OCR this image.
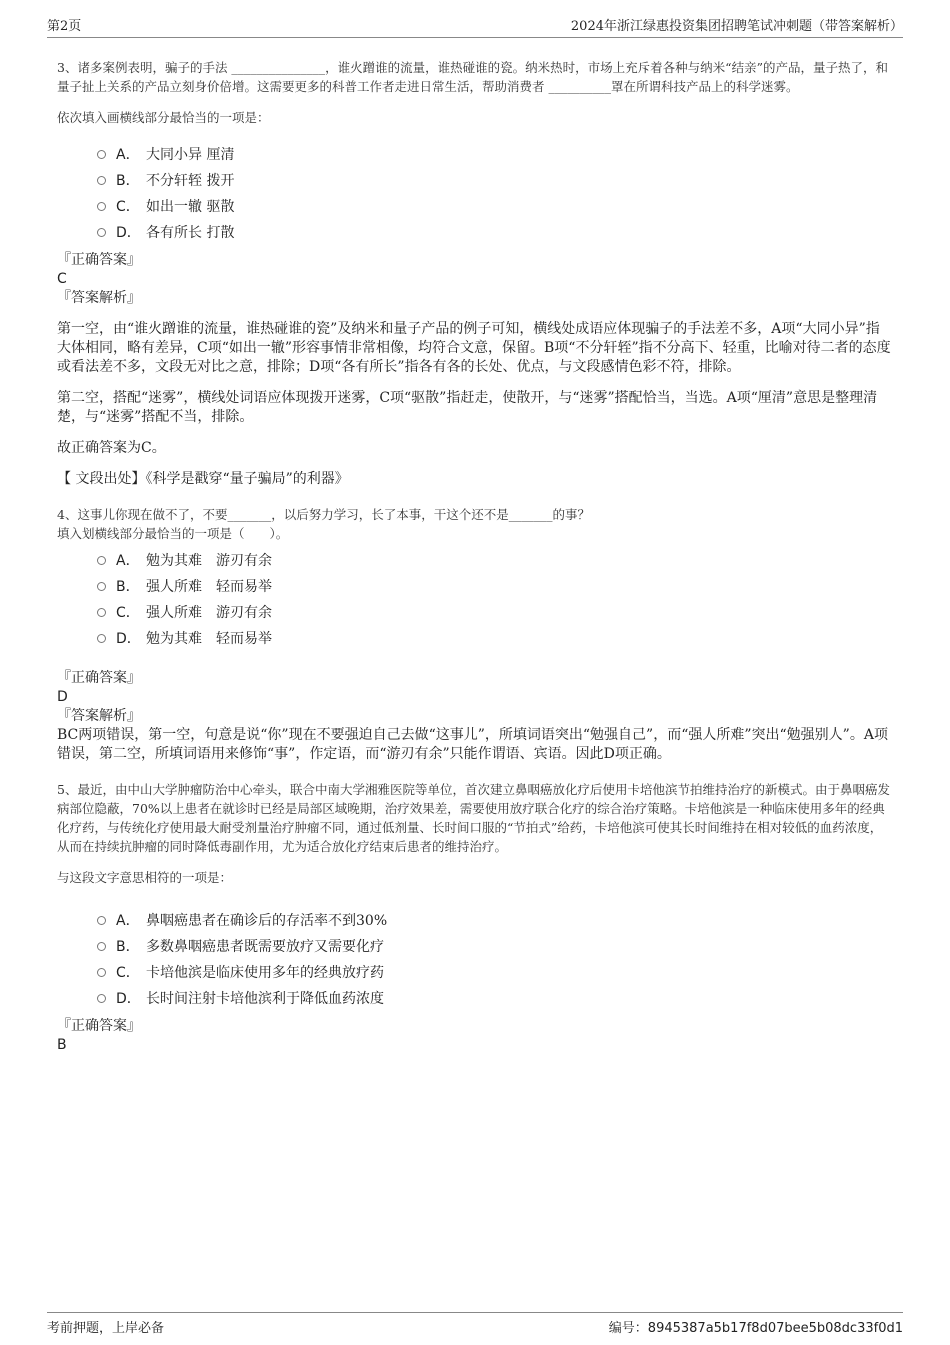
第2页	2024年浙江绿惠投资集团招聘笔试冲刺题（带答案解析）

3、诸多案例表明，骗子的手法 _______________，谁火蹭谁的流量，谁热碰谁的瓷。纳米热时，市场上充斥着各种与纳米“结亲”的产品，量子热了，和量子扯上关系的产品立刻身价倍增。这需要更多的科普工作者走进日常生活，帮助消费者 __________罩在所谓科技产品上的科学迷雾。

依次填入画横线部分最恰当的一项是：

A． 大同小异 厘清
B． 不分轩轾 拨开
C． 如出一辙 驱散
D． 各有所长 打散

『正确答案』

C

『答案解析』

第一空，由“谁火蹭谁的流量，谁热碰谁的瓷”及纳米和量子产品的例子可知，横线处成语应体现骗子的手法差不多，A项“大同小异”指大体相同，略有差异，C项“如出一辙”形容事情非常相像，均符合文意，保留。B项“不分轩轾”指不分高下、轻重，比喻对待二者的态度或看法差不多，文段无对比之意，排除；D项“各有所长”指各有各的长处、优点，与文段感情色彩不符，排除。

第二空，搭配“迷雾”，横线处词语应体现拨开迷雾，C项“驱散”指赶走，使散开，与“迷雾”搭配恰当，当选。A项“厘清”意思是整理清楚，与“迷雾”搭配不当，排除。

故正确答案为C。

【 文段出处】《科学是戳穿“量子骗局”的利器》

4、这事儿你现在做不了，不要_______，以后努力学习，长了本事，干这个还不是_______的事？

填入划横线部分最恰当的一项是（　　）。

A． 勉为其难　游刃有余
B． 强人所难　轻而易举
C． 强人所难　游刃有余
D． 勉为其难　轻而易举

『正确答案』

D

『答案解析』

BC两项错误，第一空，句意是说“你”现在不要强迫自己去做“这事儿”，所填词语突出“勉强自己”，而“强人所难”突出“勉强别人”。A项错误，第二空，所填词语用来修饰“事”，作定语，而“游刃有余”只能作谓语、宾语。因此D项正确。

5、最近，由中山大学肿瘤防治中心牵头，联合中南大学湘雅医院等单位，首次建立鼻咽癌放化疗后使用卡培他滨节拍维持治疗的新模式。由于鼻咽癌发病部位隐蔽，70%以上患者在就诊时已经是局部区域晚期，治疗效果差，需要使用放疗联合化疗的综合治疗策略。卡培他滨是一种临床使用多年的经典化疗药，与传统化疗使用最大耐受剂量治疗肿瘤不同，通过低剂量、长时间口服的“节拍式”给药，卡培他滨可使其长时间维持在相对较低的血药浓度，从而在持续抗肿瘤的同时降低毒副作用，尤为适合放化疗结束后患者的维持治疗。

与这段文字意思相符的一项是：

A． 鼻咽癌患者在确诊后的存活率不到30%
B． 多数鼻咽癌患者既需要放疗又需要化疗
C． 卡培他滨是临床使用多年的经典放疗药
D． 长时间注射卡培他滨利于降低血药浓度

『正确答案』

B

考前押题，上岸必备	编号：8945387a5b17f8d07bee5b08dc33f0d1
